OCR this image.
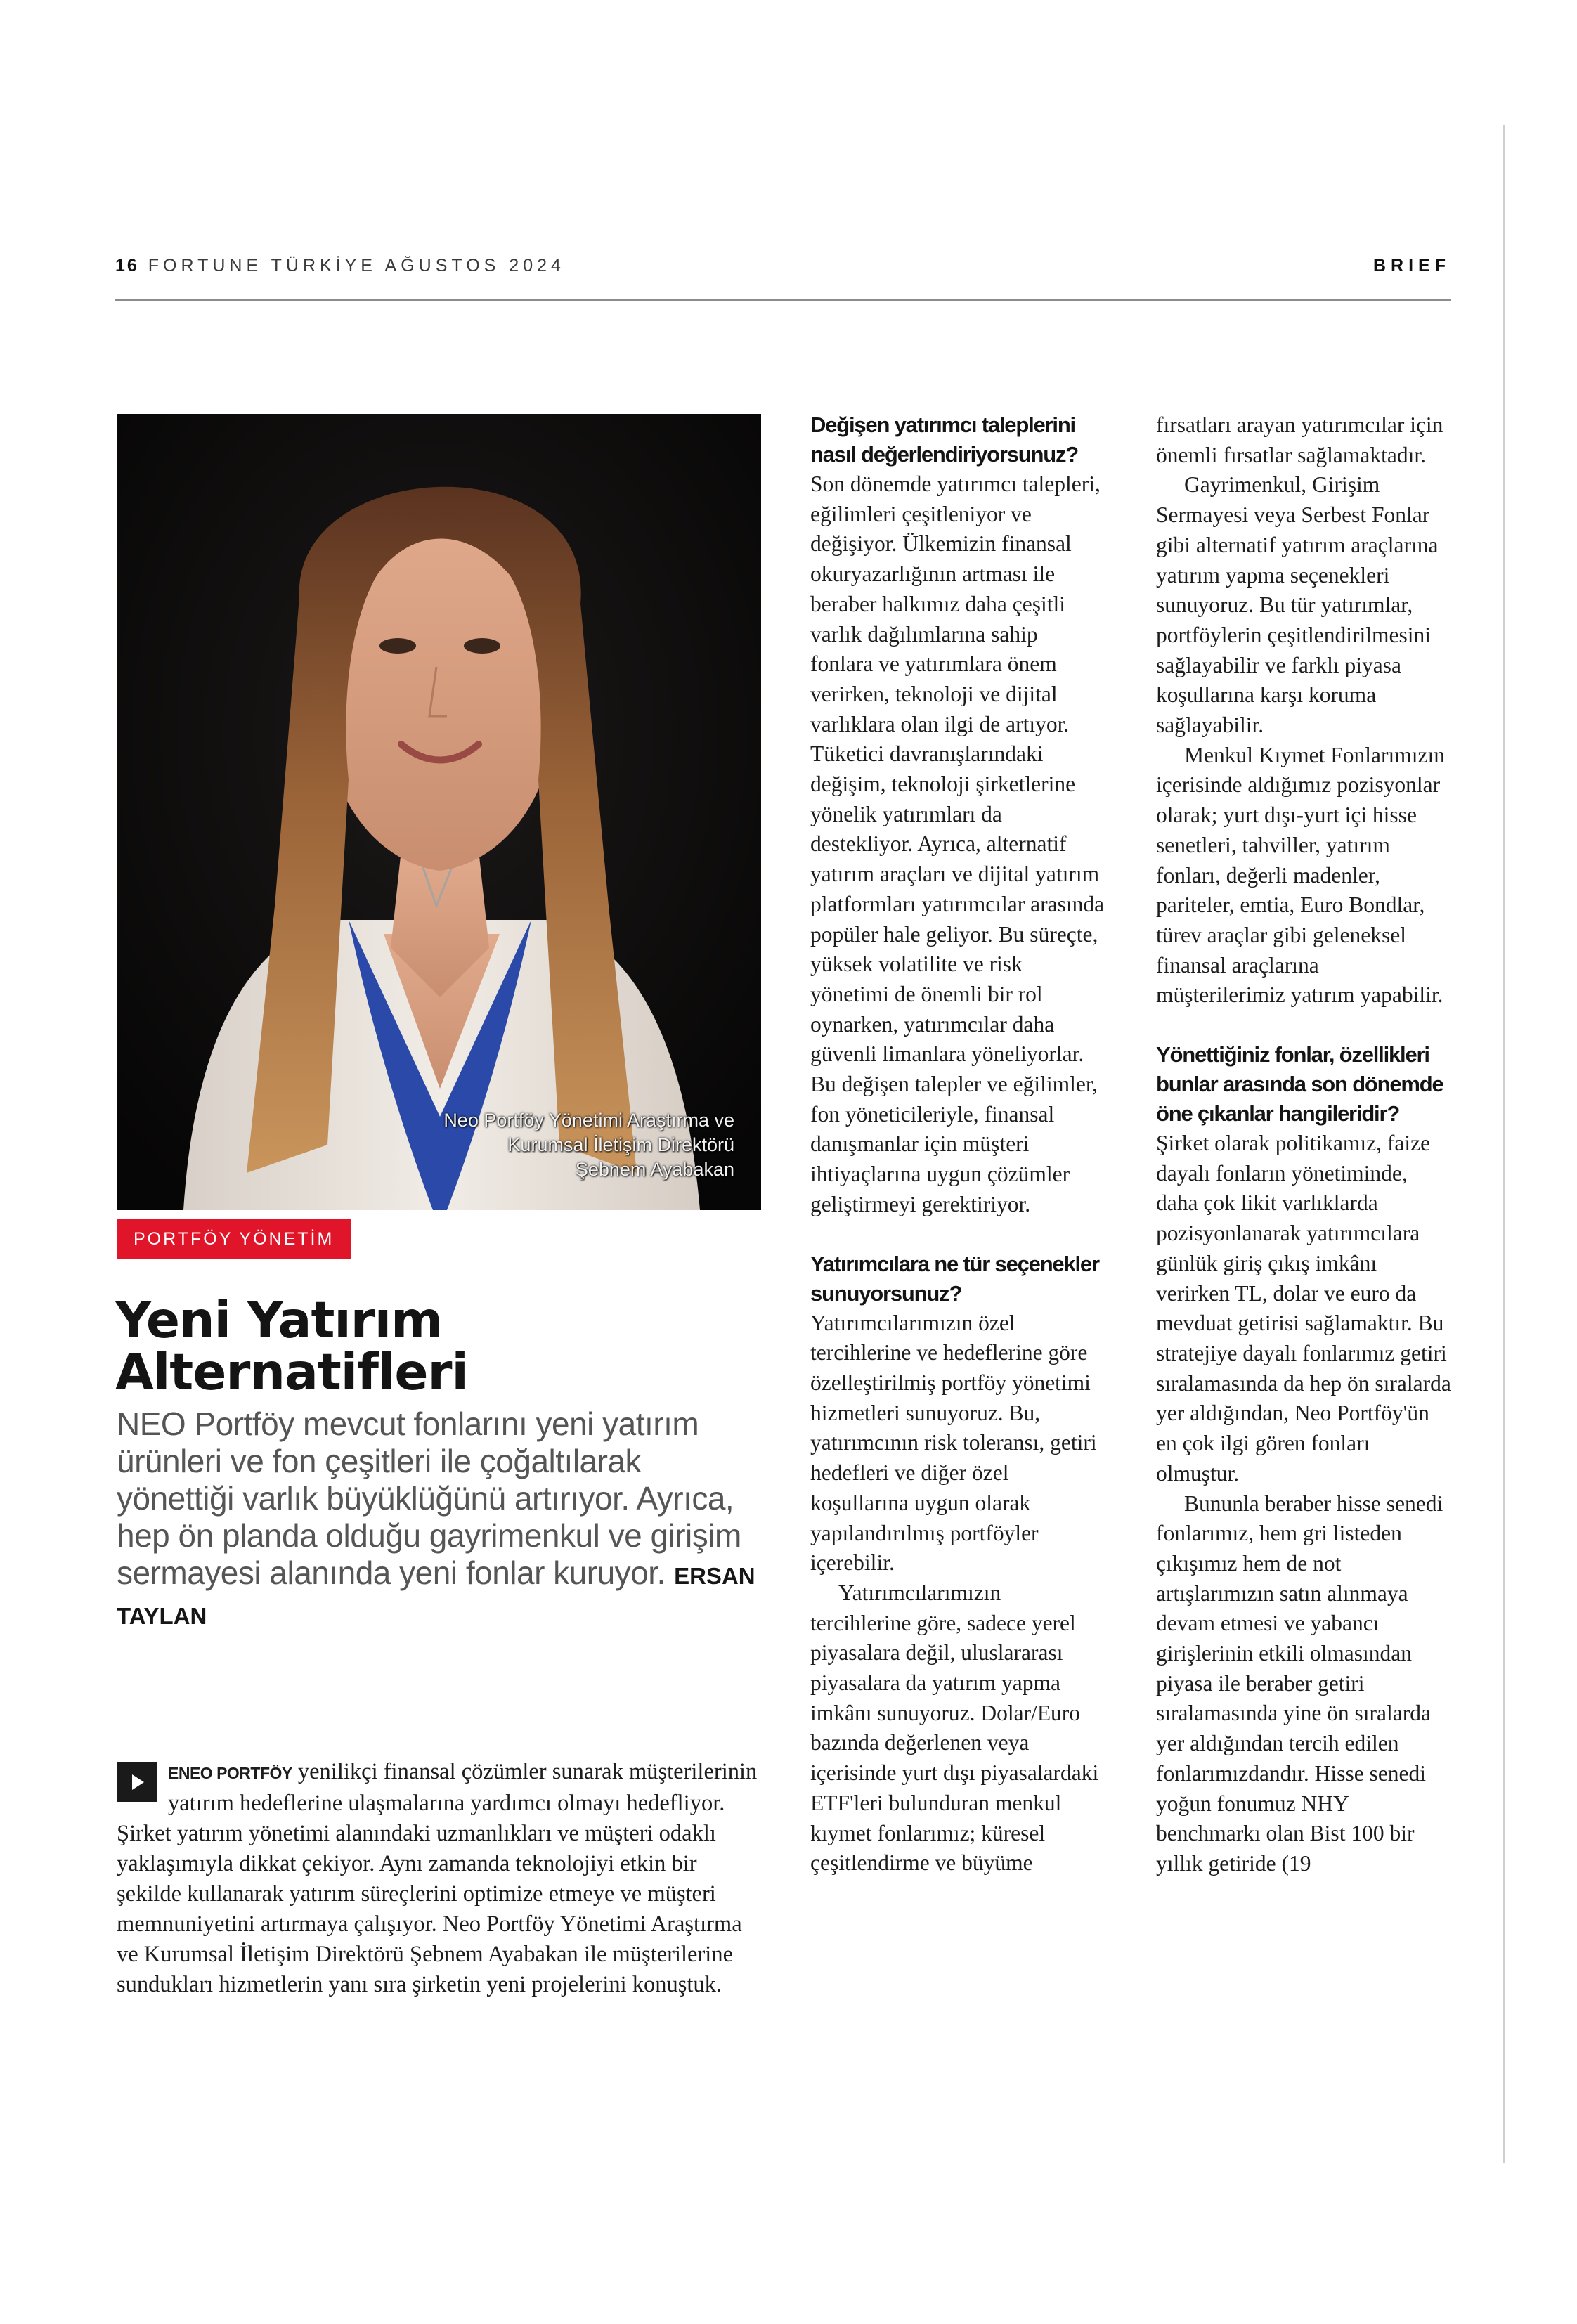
16 FORTUNE TÜRKİYE AĞUSTOS 2024	BRIEF
Neo Portföy Yönetimi Araştırma ve
Kurumsal İletişim Direktörü
Şebnem Ayabakan
PORTFÖY YÖNETİM
Yeni Yatırım
Alternatifleri

NEO Portföy mevcut fonlarını yeni yatırım ürünleri ve fon çeşitleri ile çoğaltılarak yönettiği varlık büyüklüğünü artırıyor. Ayrıca, hep ön planda olduğu gayrimenkul ve girişim sermayesi alanında yeni fonlar kuruyor. ERSAN TAYLAN

ENEO PORTFÖY yenilikçi finansal çözümler sunarak müşterilerinin yatırım hedeflerine ulaşmalarına yardımcı olmayı hedefliyor. Şirket yatırım yönetimi alanındaki uzmanlıkları ve müşteri odaklı yaklaşımıyla dikkat çekiyor. Aynı zamanda teknolojiyi etkin bir şekilde kullanarak yatırım süreçlerini optimize etmeye ve müşteri memnuniyetini artırmaya çalışıyor. Neo Portföy Yönetimi Araştırma ve Kurumsal İletişim Direktörü Şebnem Ayabakan ile müşterilerine sundukları hizmetlerin yanı sıra şirketin yeni projelerini konuştuk.

Değişen yatırımcı taleplerini nasıl değerlendiriyorsunuz?

Son dönemde yatırımcı talepleri, eğilimleri çeşitleniyor ve değişiyor. Ülkemizin finansal okuryazarlığının artması ile beraber halkımız daha çeşitli varlık dağılımlarına sahip fonlara ve yatırımlara önem verirken, teknoloji ve dijital varlıklara olan ilgi de artıyor. Tüketici davranışlarındaki değişim, teknoloji şirketlerine yönelik yatırımları da destekliyor. Ayrıca, alternatif yatırım araçları ve dijital yatırım platformları yatırımcılar arasında popüler hale geliyor. Bu süreçte, yüksek volatilite ve risk yönetimi de önemli bir rol oynarken, yatırımcılar daha güvenli limanlara yöneliyorlar.

Bu değişen talepler ve eğilimler, fon yöneticileriyle, finansal danışmanlar için müşteri ihtiyaçlarına uygun çözümler geliştirmeyi gerektiriyor.

Yatırımcılara ne tür seçenekler sunuyorsunuz?

Yatırımcılarımızın özel tercihlerine ve hedeflerine göre özelleştirilmiş portföy yönetimi hizmetleri sunuyoruz. Bu, yatırımcının risk toleransı, getiri hedefleri ve diğer özel koşullarına uygun olarak yapılandırılmış portföyler içerebilir.

Yatırımcılarımızın tercihlerine göre, sadece yerel piyasalara değil, uluslararası piyasalara da yatırım yapma imkânı sunuyoruz. Dolar/Euro bazında değerlenen veya içerisinde yurt dışı piyasalardaki ETF'leri bulunduran menkul kıymet fonlarımız; küresel çeşitlendirme ve büyüme

fırsatları arayan yatırımcılar için önemli fırsatlar sağlamaktadır.

Gayrimenkul, Girişim Sermayesi veya Serbest Fonlar gibi alternatif yatırım araçlarına yatırım yapma seçenekleri sunuyoruz. Bu tür yatırımlar, portföylerin çeşitlendirilmesini sağlayabilir ve farklı piyasa koşullarına karşı koruma sağlayabilir.

Menkul Kıymet Fonlarımızın içerisinde aldığımız pozisyonlar olarak; yurt dışı-yurt içi hisse senetleri, tahviller, yatırım fonları, değerli madenler, pariteler, emtia, Euro Bondlar, türev araçlar gibi geleneksel finansal araçlarına müşterilerimiz yatırım yapabilir.

Yönettiğiniz fonlar, özellikleri bunlar arasında son dönemde öne çıkanlar hangileridir?

Şirket olarak politikamız, faize dayalı fonların yönetiminde, daha çok likit varlıklarda pozisyonlanarak yatırımcılara günlük giriş çıkış imkânı verirken TL, dolar ve euro da mevduat getirisi sağlamaktır. Bu stratejiye dayalı fonlarımız getiri sıralamasında da hep ön sıralarda yer aldığından, Neo Portföy'ün en çok ilgi gören fonları olmuştur.

Bununla beraber hisse senedi fonlarımız, hem gri listeden çıkışımız hem de not artışlarımızın satın alınmaya devam etmesi ve yabancı girişlerinin etkili olmasından piyasa ile beraber getiri sıralamasında yine ön sıralarda yer aldığından tercih edilen fonlarımızdandır. Hisse senedi yoğun fonumuz NHY benchmarkı olan Bist 100 bir yıllık getiride (19
